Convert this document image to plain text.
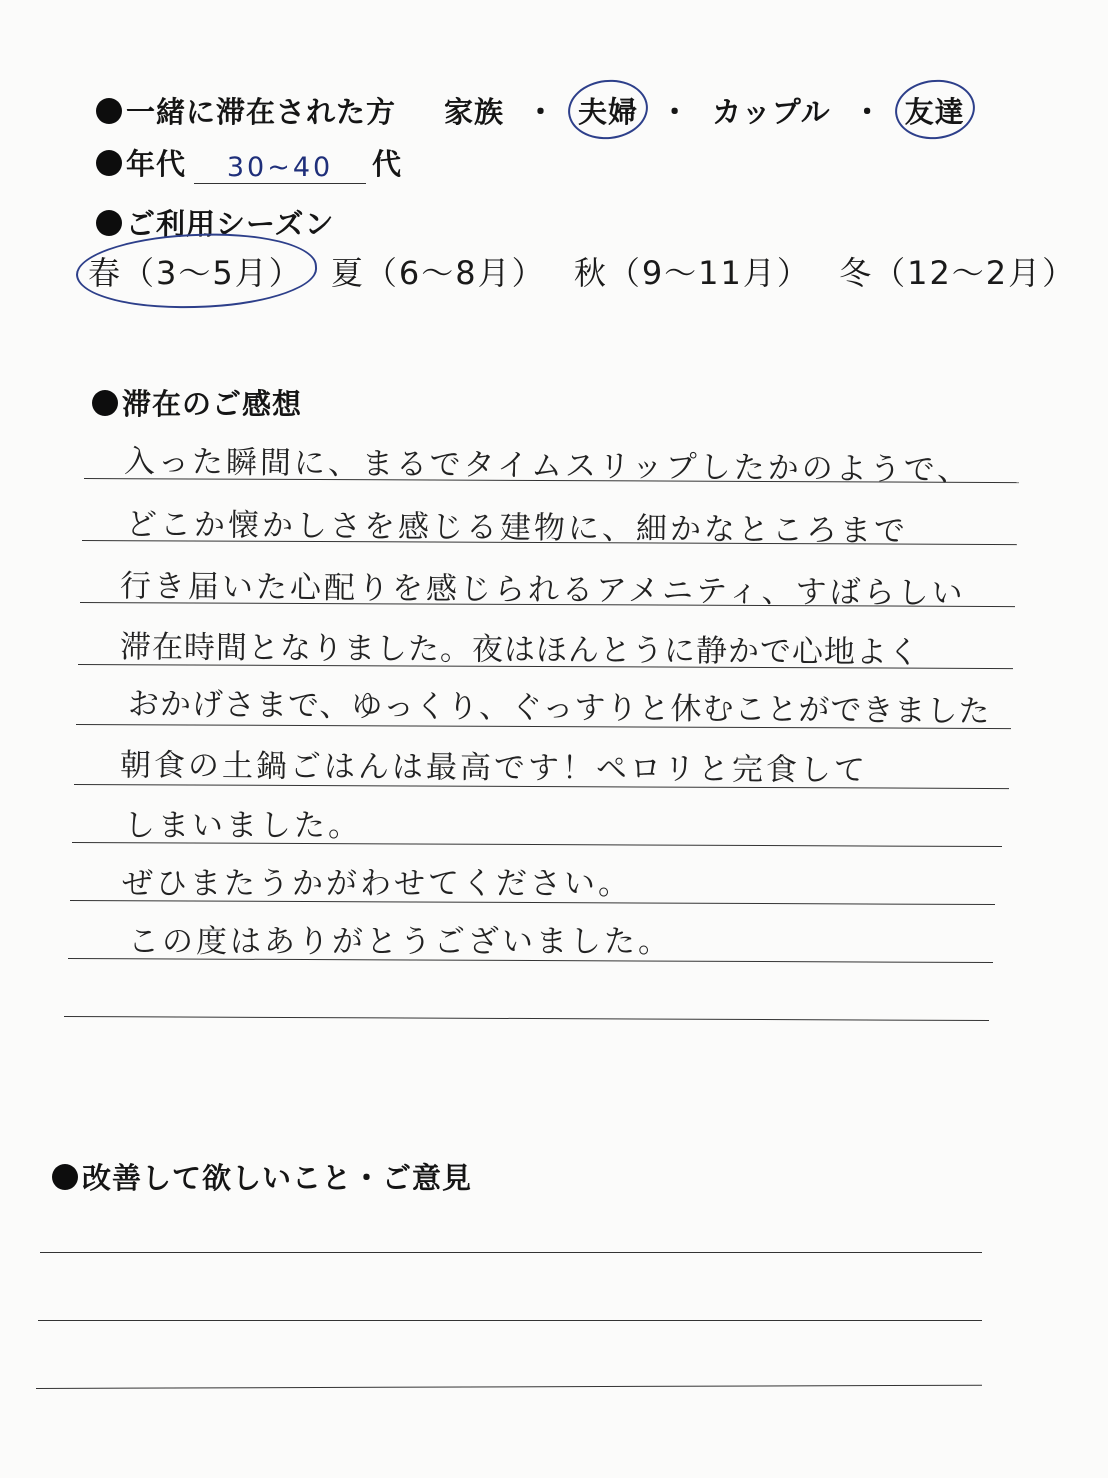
一緒に滞在された方 家族 ・ 夫婦 ・ カップル ・ 友達
年代	30~40	代
ご利用シーズン
春（3～5月） 夏（6～8月） 秋（9～11月） 冬（12～2月）
滞在のご感想
入った瞬間に、まるでタイムスリップしたかのようで、
どこか懐かしさを感じる建物に、細かなところまで
行き届いた心配りを感じられるアメニティ、すばらしい
滞在時間となりました。夜はほんとうに静かで心地よく
おかげさまで、ゆっくり、ぐっすりと休むことができました
朝食の土鍋ごはんは最高です！ペロリと完食して
しまいました。
ぜひまたうかがわせてください。
この度はありがとうございました。
改善して欲しいこと・ご意見
